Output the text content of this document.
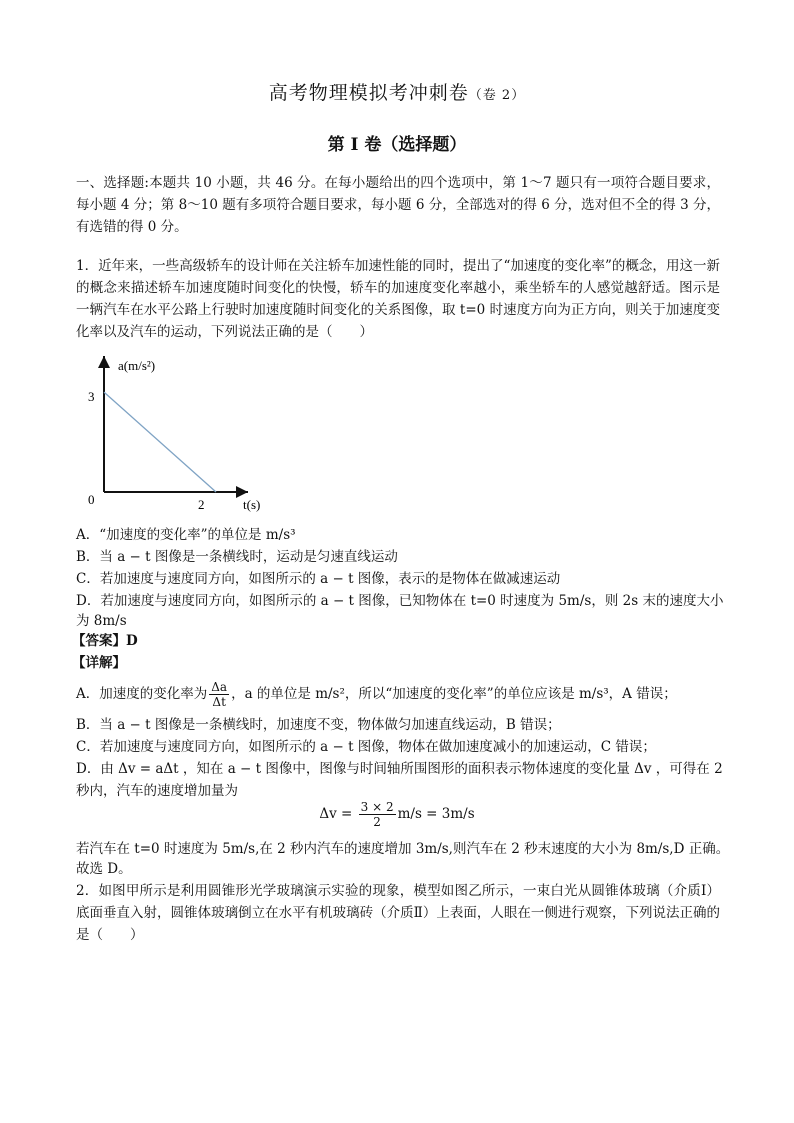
高考物理模拟考冲刺卷（卷 2）
第 I 卷（选择题）

一、选择题:本题共 10 小题，共 46 分。在每小题给出的四个选项中，第 1～7 题只有一项符合题目要求，每小题 4 分；第 8～10 题有多项符合题目要求，每小题 6 分，全部选对的得 6 分，选对但不全的得 3 分，有选错的得 0 分。

1．近年来，一些高级轿车的设计师在关注轿车加速性能的同时，提出了“加速度的变化率”的概念，用这一新的概念来描述轿车加速度随时间变化的快慢，轿车的加速度变化率越小，乘坐轿车的人感觉越舒适。图示是一辆汽车在水平公路上行驶时加速度随时间变化的关系图像，取 t=0 时速度方向为正方向，则关于加速度变化率以及汽车的运动，下列说法正确的是（　　）

a(m/s²)
3
0	2	t(s)

A．“加速度的变化率”的单位是 m/s³

B．当 a − t 图像是一条横线时，运动是匀速直线运动

C．若加速度与速度同方向，如图所示的 a − t 图像，表示的是物体在做减速运动

D．若加速度与速度同方向，如图所示的 a − t 图像，已知物体在 t=0 时速度为 5m/s，则 2s 末的速度大小

为 8m/s

【答案】D

【详解】

A．加速度的变化率为 $\frac{\Delta a}{\Delta t}$ ，a 的单位是 m/s²，所以“加速度的变化率”的单位应该是 m/s³，A 错误；

B．当 a − t 图像是一条横线时，加速度不变，物体做匀加速直线运动，B 错误；

C．若加速度与速度同方向，如图所示的 a − t 图像，物体在做加速度减小的加速运动，C 错误；

D．由 Δv = aΔt ，知在 a − t 图像中，图像与时间轴所围图形的面积表示物体速度的变化量 Δv ，可得在 2

秒内，汽车的速度增加量为

$\Delta v = \frac{3 \times 2}{2} m/s = 3m/s$

若汽车在 t=0 时速度为 5m/s,在 2 秒内汽车的速度增加 3m/s,则汽车在 2 秒末速度的大小为 8m/s,D 正确。

故选 D。

2．如图甲所示是利用圆锥形光学玻璃演示实验的现象，模型如图乙所示，一束白光从圆锥体玻璃（介质Ⅰ）底面垂直入射，圆锥体玻璃倒立在水平有机玻璃砖（介质Ⅱ）上表面，人眼在一侧进行观察，下列说法正确的是（　　）
